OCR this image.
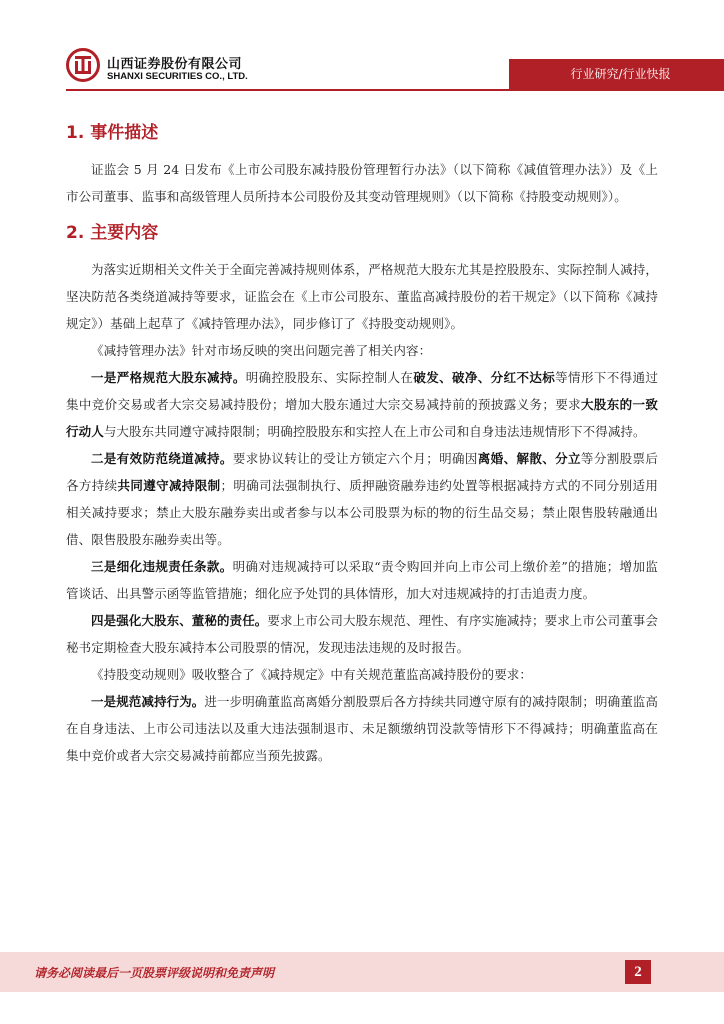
山西证券股份有限公司
SHANXI SECURITIES CO., LTD.	行业研究/行业快报
1. 事件描述

证监会 5 月 24 日发布《上市公司股东减持股份管理暂行办法》（以下简称《减值管理办法》）及《上市公司董事、监事和高级管理人员所持本公司股份及其变动管理规则》（以下简称《持股变动规则》）。

2. 主要内容

为落实近期相关文件关于全面完善减持规则体系，严格规范大股东尤其是控股股东、实际控制人减持，坚决防范各类绕道减持等要求，证监会在《上市公司股东、董监高减持股份的若干规定》（以下简称《减持规定》）基础上起草了《减持管理办法》，同步修订了《持股变动规则》。

《减持管理办法》针对市场反映的突出问题完善了相关内容：

一是严格规范大股东减持。明确控股股东、实际控制人在破发、破净、分红不达标等情形下不得通过集中竞价交易或者大宗交易减持股份；增加大股东通过大宗交易减持前的预披露义务；要求大股东的一致行动人与大股东共同遵守减持限制；明确控股股东和实控人在上市公司和自身违法违规情形下不得减持。

二是有效防范绕道减持。要求协议转让的受让方锁定六个月；明确因离婚、解散、分立等分割股票后各方持续共同遵守减持限制；明确司法强制执行、质押融资融券违约处置等根据减持方式的不同分别适用相关减持要求；禁止大股东融券卖出或者参与以本公司股票为标的物的衍生品交易；禁止限售股转融通出借、限售股股东融券卖出等。

三是细化违规责任条款。明确对违规减持可以采取“责令购回并向上市公司上缴价差”的措施；增加监管谈话、出具警示函等监管措施；细化应予处罚的具体情形，加大对违规减持的打击追责力度。

四是强化大股东、董秘的责任。要求上市公司大股东规范、理性、有序实施减持；要求上市公司董事会秘书定期检查大股东减持本公司股票的情况，发现违法违规的及时报告。

《持股变动规则》吸收整合了《减持规定》中有关规范董监高减持股份的要求：

一是规范减持行为。进一步明确董监高离婚分割股票后各方持续共同遵守原有的减持限制；明确董监高在自身违法、上市公司违法以及重大违法强制退市、未足额缴纳罚没款等情形下不得减持；明确董监高在集中竞价或者大宗交易减持前都应当预先披露。

请务必阅读最后一页股票评级说明和免责声明	2
